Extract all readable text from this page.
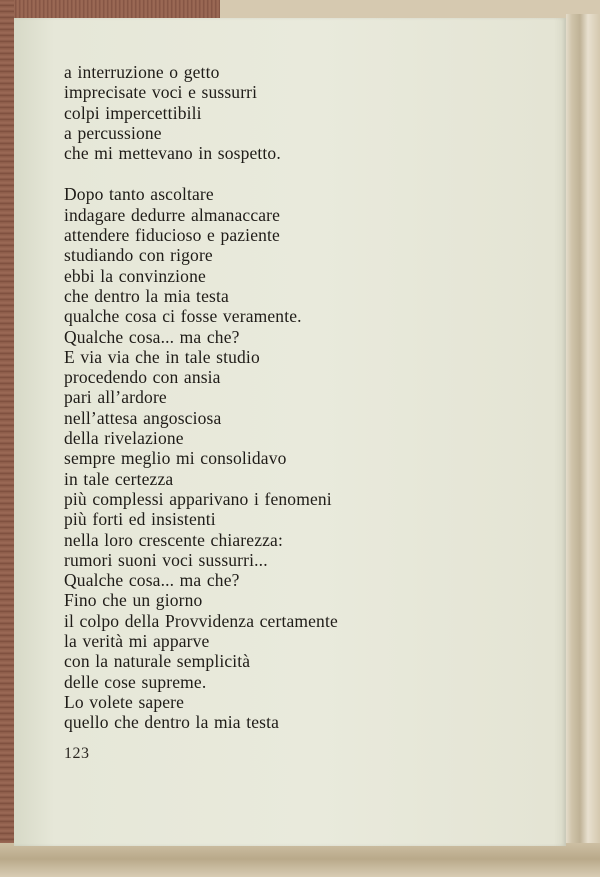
a interruzione o getto
imprecisate voci e sussurri
colpi impercettibili
a percussione
che mi mettevano in sospetto.

Dopo tanto ascoltare
indagare dedurre almanaccare
attendere fiducioso e paziente
studiando con rigore
ebbi la convinzione
che dentro la mia testa
qualche cosa ci fosse veramente.
Qualche cosa... ma che?
E via via che in tale studio
procedendo con ansia
pari all’ardore
nell’attesa angosciosa
della rivelazione
sempre meglio mi consolidavo
in tale certezza
più complessi apparivano i fenomeni
più forti ed insistenti
nella loro crescente chiarezza:
rumori suoni voci sussurri...
Qualche cosa... ma che?
Fino che un giorno
il colpo della Provvidenza certamente
la verità mi apparve
con la naturale semplicità
delle cose supreme.
Lo volete sapere
quello che dentro la mia testa

123
